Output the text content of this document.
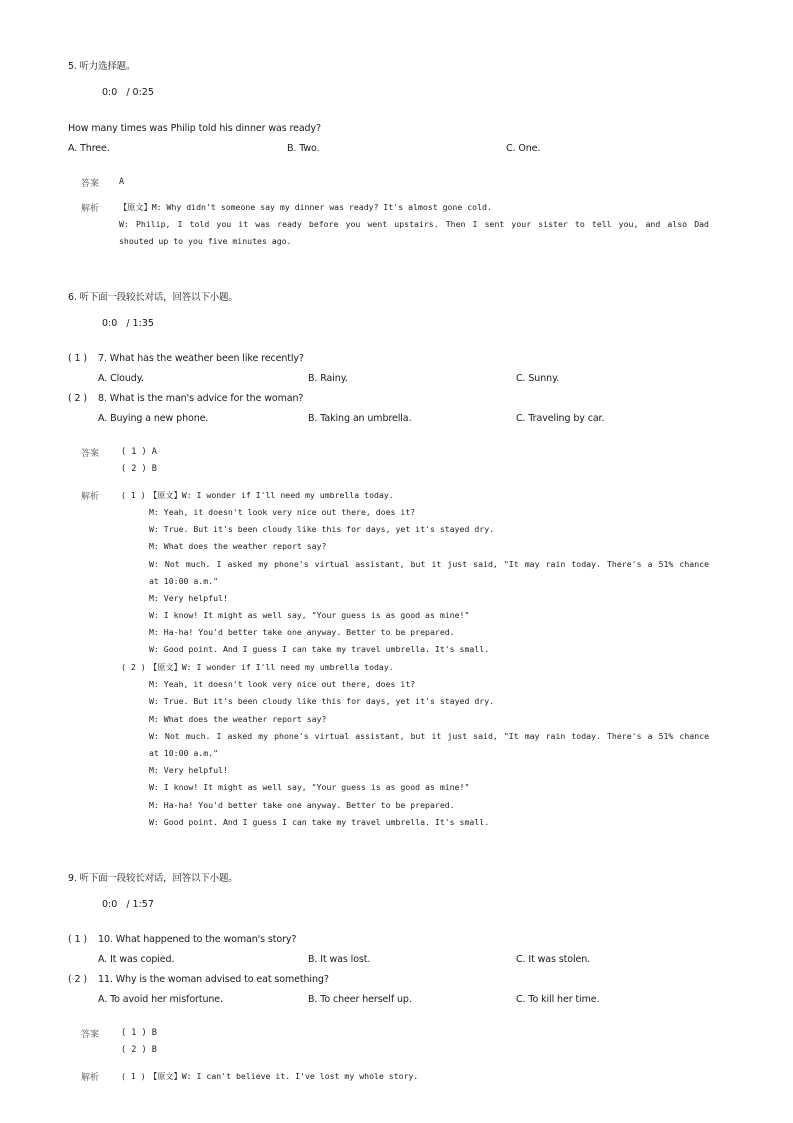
5. 听力选择题。
0:0 / 0:25
How many times was Philip told his dinner was ready?
A. Three.	B. Two.	C. One.
答案 A
解析 【原文】M: Why didn't someone say my dinner was ready? It's almost gone cold.
W: Philip, I told you it was ready before you went upstairs. Then I sent your sister to tell you, and also Dad
shouted up to you five minutes ago.
6. 听下面一段较长对话，回答以下小题。
0:0 / 1:35
( 1 ) 7. What has the weather been like recently?
A. Cloudy.	B. Rainy.	C. Sunny.
( 2 ) 8. What is the man's advice for the woman?
A. Buying a new phone.	B. Taking an umbrella.	C. Traveling by car.
答案	( 1 ) A
( 2 ) B
解析	( 1 ) 【原文】W: I wonder if I'll need my umbrella today.
M: Yeah, it doesn't look very nice out there, does it?
W: True. But it's been cloudy like this for days, yet it's stayed dry.
M: What does the weather report say?
W: Not much. I asked my phone's virtual assistant, but it just said, "It may rain today. There's a 51% chance
at 10:00 a.m."
M: Very helpful!
W: I know! It might as well say, "Your guess is as good as mine!"
M: Ha-ha! You'd better take one anyway. Better to be prepared.
W: Good point. And I guess I can take my travel umbrella. It's small.
( 2 ) 【原文】W: I wonder if I'll need my umbrella today.
M: Yeah, it doesn't look very nice out there, does it?
W: True. But it's been cloudy like this for days, yet it's stayed dry.
M: What does the weather report say?
W: Not much. I asked my phone's virtual assistant, but it just said, "It may rain today. There's a 51% chance
at 10:00 a.m."
M: Very helpful!
W: I know! It might as well say, "Your guess is as good as mine!"
M: Ha-ha! You'd better take one anyway. Better to be prepared.
W: Good point. And I guess I can take my travel umbrella. It's small.
9. 听下面一段较长对话，回答以下小题。
0:0 / 1:57
( 1 ) 10. What happened to the woman's story?
A. It was copied.	B. It was lost.	C. It was stolen.
( 2 ) 11. Why is the woman advised to eat something?
A. To avoid her misfortune.	B. To cheer herself up.	C. To kill her time.
答案	( 1 ) B
( 2 ) B
解析	( 1 ) 【原文】W: I can't believe it. I've lost my whole story.
